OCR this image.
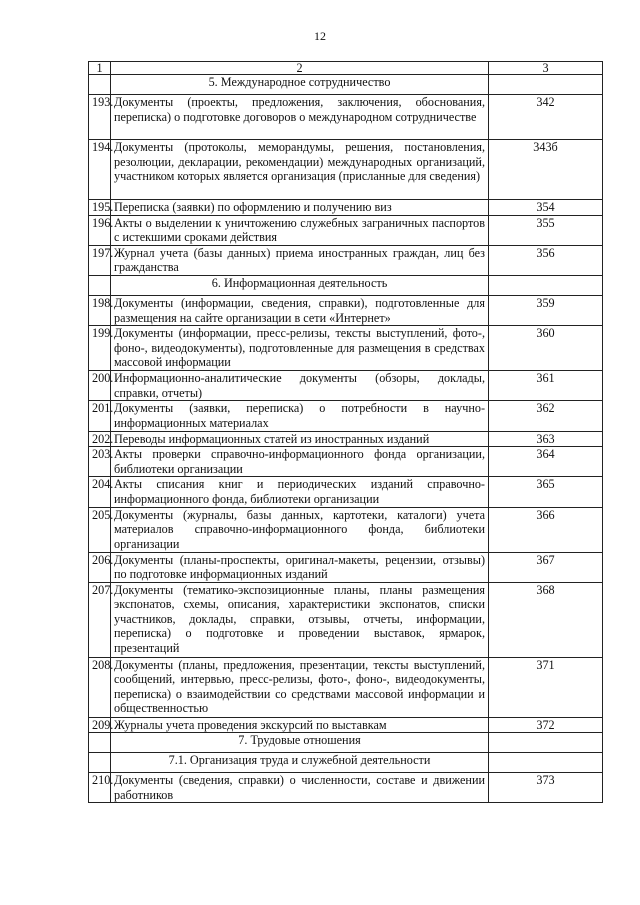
12
1	2	3
	5. Международное сотрудничество	
193.	Документы (проекты, предложения, заключения, обоснования, переписка) о подготовке договоров о международном сотрудничестве	342
194.	Документы (протоколы, меморандумы, решения, постановления, резолюции, декларации, рекомендации) международных организаций, участником которых является организация (присланные для сведения)	343б
195.	Переписка (заявки) по оформлению и получению виз	354
196.	Акты о выделении к уничтожению служебных заграничных паспортов с истекшими сроками действия	355
197.	Журнал учета (базы данных) приема иностранных граждан, лиц без гражданства	356
	6. Информационная деятельность	
198.	Документы (информации, сведения, справки), подготовленные для размещения на сайте организации в сети «Интернет»	359
199.	Документы (информации, пресс-релизы, тексты выступлений, фото-, фоно-, видеодокументы), подготовленные для размещения в средствах массовой информации	360
200.	Информационно-аналитические документы (обзоры, доклады, справки, отчеты)	361
201.	Документы (заявки, переписка) о потребности в научно-информационных материалах	362
202.	Переводы информационных статей из иностранных изданий	363
203.	Акты проверки справочно-информационного фонда организации, библиотеки организации	364
204.	Акты списания книг и периодических изданий справочно-информационного фонда, библиотеки организации	365
205.	Документы (журналы, базы данных, картотеки, каталоги) учета материалов справочно-информационного фонда, библиотеки организации	366
206.	Документы (планы-проспекты, оригинал-макеты, рецензии, отзывы) по подготовке информационных изданий	367
207.	Документы (тематико-экспозиционные планы, планы размещения экспонатов, схемы, описания, характеристики экспонатов, списки участников, доклады, справки, отзывы, отчеты, информации, переписка) о подготовке и проведении выставок, ярмарок, презентаций	368
208.	Документы (планы, предложения, презентации, тексты выступлений, сообщений, интервью, пресс-релизы, фото-, фоно-, видеодокументы, переписка) о взаимодействии со средствами массовой информации и общественностью	371
209.	Журналы учета проведения экскурсий по выставкам	372
	7. Трудовые отношения	
	7.1. Организация труда и служебной деятельности	
210.	Документы (сведения, справки) о численности, составе и движении работников	373
